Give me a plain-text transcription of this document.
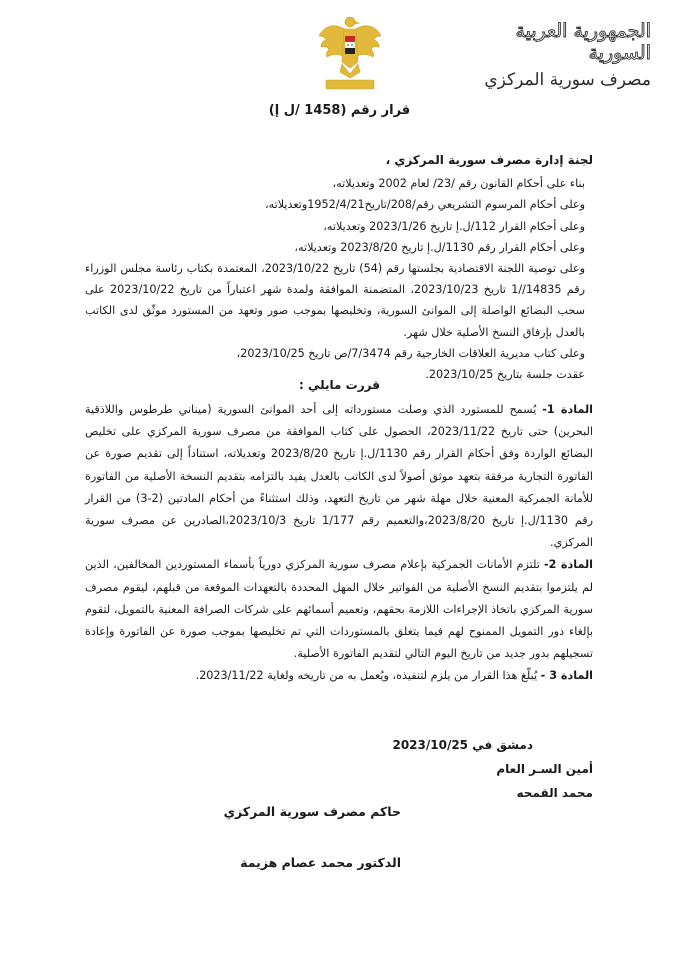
الجمهورية العربية السورية
مصرف سورية المركزي
قرار رقم (1458 /ل إ)

لجنة إدارة مصرف سورية المركزي ،

بناء على أحكام القانون رقم /23/ لعام 2002 وتعديلاته،

وعلى أحكام المرسوم التشريعي رقم/208/تاريخ1952/4/21وتعديلاته،

وعلى أحكام القرار 112/ل.إ تاريخ 2023/1/26 وتعديلاته،

وعلى أحكام القرار رقم 1130/ل.إ تاريخ 2023/8/20 وتعديلاته،

وعلى توصية اللجنة الاقتصادية بجلستها رقم (54) تاريخ 2023/10/22، المعتمدة بكتاب رئاسة مجلس الوزراء رقم 14835//1 تاريخ 2023/10/23، المتضمنة الموافقة ولمدة شهر اعتباراً من تاريخ 2023/10/22 على سحب البضائع الواصلة إلى الموانئ السورية، وتخليصها بموجب صور وتعهد من المستورد موثّق لدى الكاتب بالعدل بإرفاق النسخ الأصلية خلال شهر.

وعلى كتاب مديرية العلاقات الخارجية رقم 7/3474/ص تاريخ 2023/10/25،

عقدت جلسة بتاريخ 2023/10/25.

قررت مايلي :

المادة 1- يُسمح للمستورد الذي وصلت مستورداته إلى أحد الموانئ السورية (ميناني طرطوس واللاذقية البحرين) حتى تاريخ 2023/11/22، الحصول على كتاب الموافقة من مصرف سورية المركزي على تخليص البضائع الواردة وفق أحكام القرار رقم 1130/ل.إ تاريخ 2023/8/20 وتعديلاته، استناداً إلى تقديم صورة عن الفاتورة التجارية مرفقة بتعهد موثق أصولاً لدى الكاتب بالعدل يفيد بالتزامه بتقديم النسخة الأصلية من الفاتورة للأمانة الجمركية المعنية خلال مهلة شهر من تاريخ التعهد، وذلك استثناءً من أحكام المادتين (2-3) من القرار رقم 1130/ل.إ تاريخ 2023/8/20،والتعميم رقم 1/177 تاريخ 2023/10/3،الصادرين عن مصرف سورية المركزي.

المادة 2- تلتزم الأمانات الجمركية بإعلام مصرف سورية المركزي دورياً بأسماء المستوردين المخالفين، الذين لم يلتزموا بتقديم النسخ الأصلية من الفواتير خلال المهل المحددة بالتعهدات الموقعة من قبلهم، ليقوم مصرف سورية المركزي باتخاذ الإجراءات اللازمة بحقهم، وتعميم أسمائهم على شركات الصرافة المعنية بالتمويل، لتقوم بإلغاء دور التمويل الممنوح لهم فيما يتعلق بالمستوردات التي تم تخليصها بموجب صورة عن الفاتورة وإعادة تسجيلهم بدور جديد من تاريخ اليوم التالي لتقديم الفاتورة الأصلية.

المادة 3 - يُبلّغ هذا القرار من يلزم لتنفيذه، ويُعمل به من تاريخه ولغاية 2023/11/22.

دمشق في 2023/10/25
أمين السـر العام
محمد القمحه
حاكم مصرف سورية المركزي
الدكتور محمد عصام هزيمة
